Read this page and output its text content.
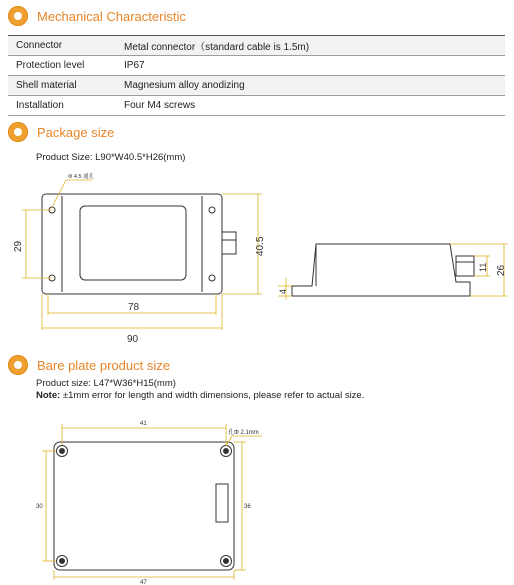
Mechanical Characteristic
Connector	Metal connector（standard cable is 1.5m)
Protection level	IP67
Shell material	Magnesium alloy anodizing
Installation	Four M4 screws
Package size
Product Size: L90*W40.5*H26(mm)
Bare plate product size
Product size: L47*W36*H15(mm)
Note: ±1mm error for length and width dimensions, please refer to actual size.
Φ 4.5 通孔
78
90
29	40.5
26
11
4
41
孔Φ 2.1mm
30	36
47
